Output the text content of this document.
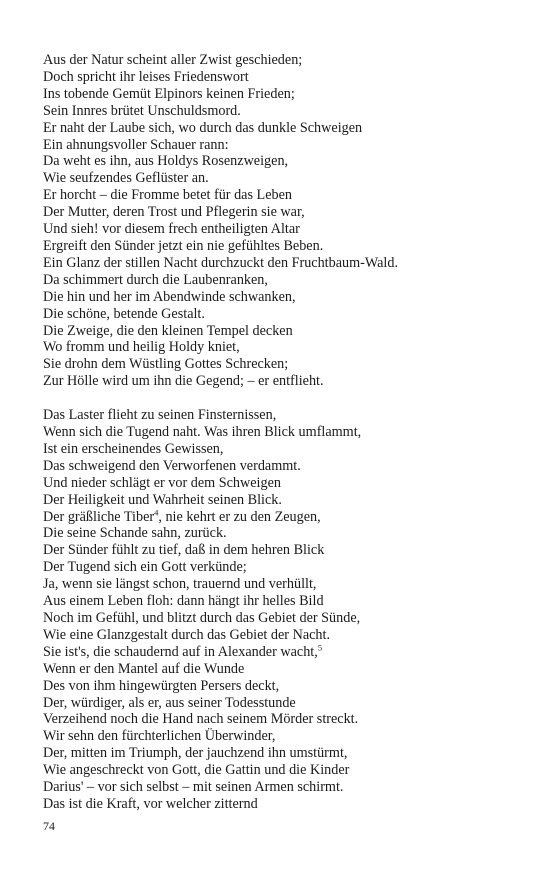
Aus der Natur scheint aller Zwist geschieden;
Doch spricht ihr leises Friedenswort
Ins tobende Gemüt Elpinors keinen Frieden;
Sein Innres brütet Unschuldsmord.
Er naht der Laube sich, wo durch das dunkle Schweigen
Ein ahnungsvoller Schauer rann:
Da weht es ihn, aus Holdys Rosenzweigen,
Wie seufzendes Geflüster an.
Er horcht – die Fromme betet für das Leben
Der Mutter, deren Trost und Pflegerin sie war,
Und sieh! vor diesem frech entheiligten Altar
Ergreift den Sünder jetzt ein nie gefühltes Beben.
Ein Glanz der stillen Nacht durchzuckt den Fruchtbaum-Wald.
Da schimmert durch die Laubenranken,
Die hin und her im Abendwinde schwanken,
Die schöne, betende Gestalt.
Die Zweige, die den kleinen Tempel decken
Wo fromm und heilig Holdy kniet,
Sie drohn dem Wüstling Gottes Schrecken;
Zur Hölle wird um ihn die Gegend; – er entflieht.
Das Laster flieht zu seinen Finsternissen,
Wenn sich die Tugend naht. Was ihren Blick umflammt,
Ist ein erscheinendes Gewissen,
Das schweigend den Verworfenen verdammt.
Und nieder schlägt er vor dem Schweigen
Der Heiligkeit und Wahrheit seinen Blick.
Der gräßliche Tiber$^4$, nie kehrt er zu den Zeugen,
Die seine Schande sahn, zurück.
Der Sünder fühlt zu tief, daß in dem hehren Blick
Der Tugend sich ein Gott verkünde;
Ja, wenn sie längst schon, trauernd und verhüllt,
Aus einem Leben floh: dann hängt ihr helles Bild
Noch im Gefühl, und blitzt durch das Gebiet der Sünde,
Wie eine Glanzgestalt durch das Gebiet der Nacht.
Sie ist's, die schaudernd auf in Alexander wacht,$^5$
Wenn er den Mantel auf die Wunde
Des von ihm hingewürgten Persers deckt,
Der, würdiger, als er, aus seiner Todesstunde
Verzeihend noch die Hand nach seinem Mörder streckt.
Wir sehn den fürchterlichen Überwinder,
Der, mitten im Triumph, der jauchzend ihn umstürmt,
Wie angeschreckt von Gott, die Gattin und die Kinder
Darius' – vor sich selbst – mit seinen Armen schirmt.
Das ist die Kraft, vor welcher zitternd
74
